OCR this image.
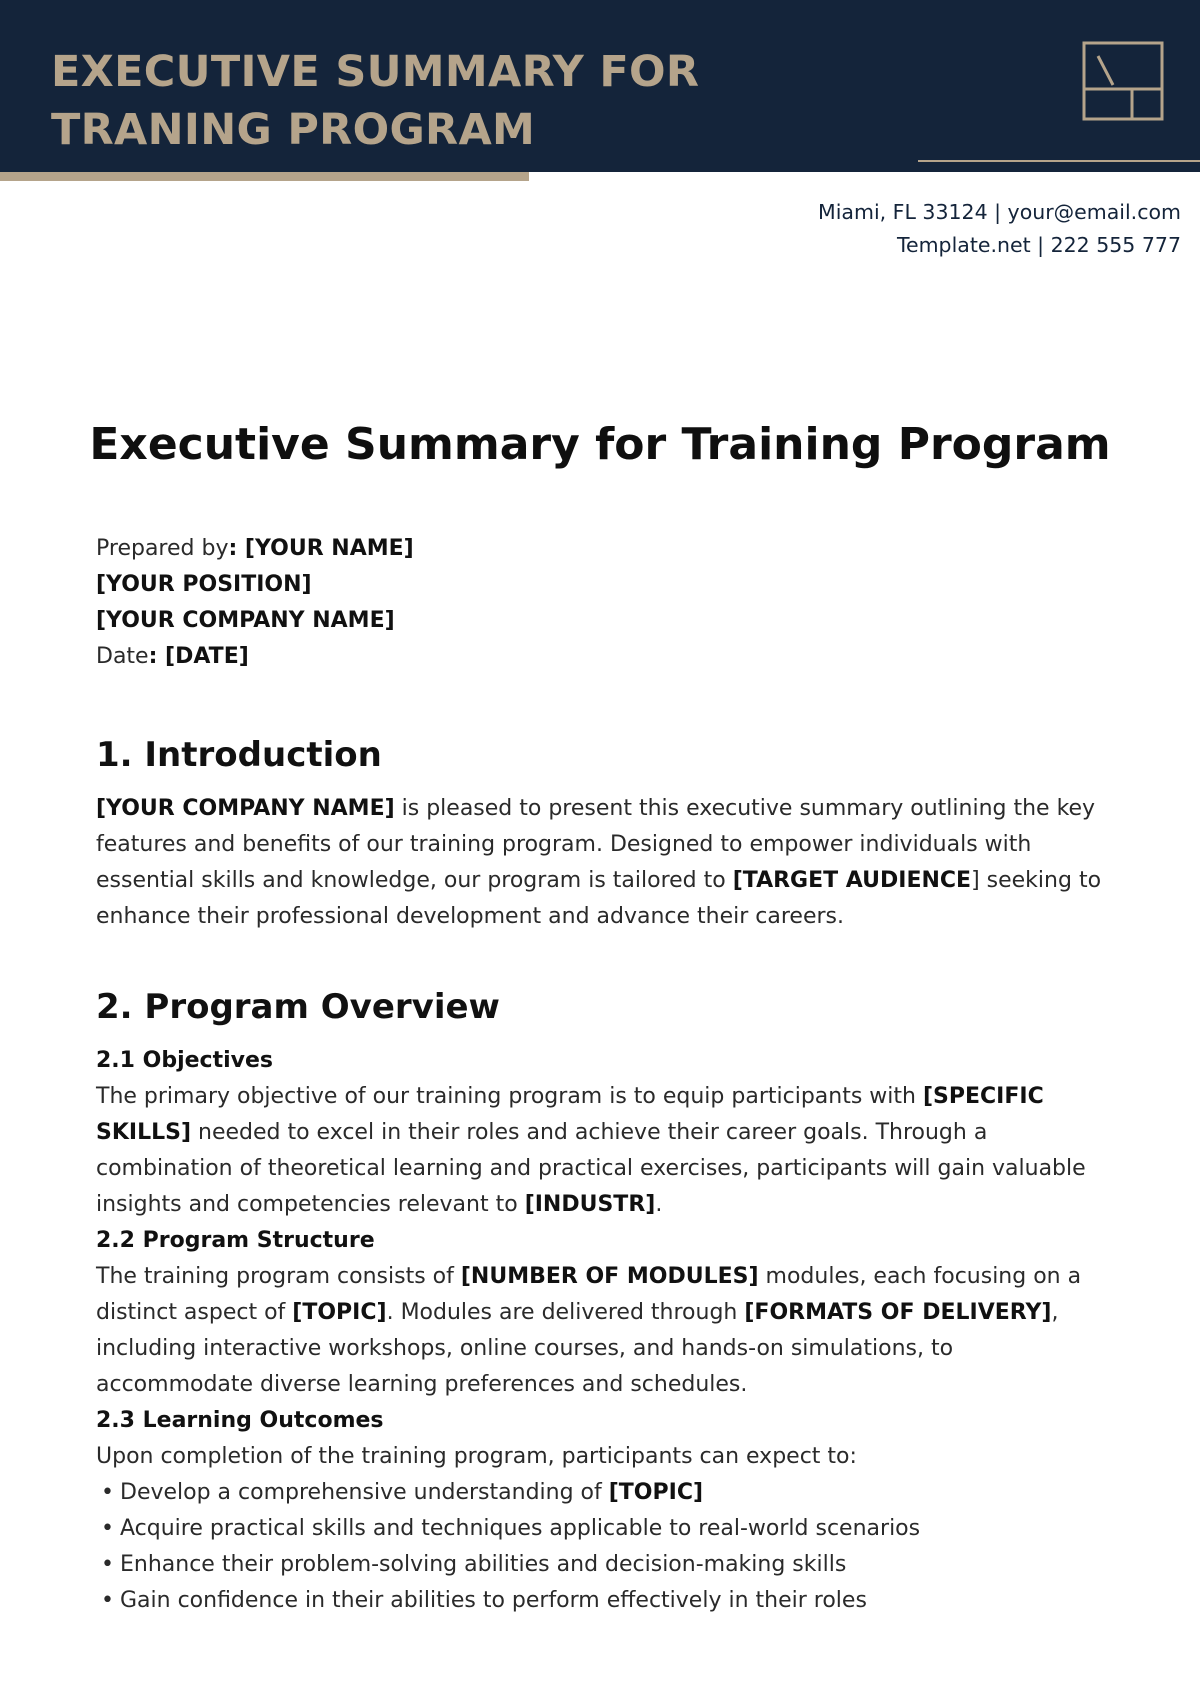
EXECUTIVE SUMMARY FOR
TRANING PROGRAM
Miami, FL 33124 | your@email.com
Template.net | 222 555 777
Executive Summary for Training Program
Prepared by: [YOUR NAME]
[YOUR POSITION]
[YOUR COMPANY NAME]
Date: [DATE]
1. Introduction

[YOUR COMPANY NAME] is pleased to present this executive summary outlining the key features and benefits of our training program. Designed to empower individuals with essential skills and knowledge, our program is tailored to [TARGET AUDIENCE] seeking to enhance their professional development and advance their careers.

2. Program Overview
2.1 Objectives

The primary objective of our training program is to equip participants with [SPECIFIC SKILLS] needed to excel in their roles and achieve their career goals. Through a combination of theoretical learning and practical exercises, participants will gain valuable insights and competencies relevant to [INDUSTR].

2.2 Program Structure

The training program consists of [NUMBER OF MODULES] modules, each focusing on a distinct aspect of [TOPIC]. Modules are delivered through [FORMATS OF DELIVERY], including interactive workshops, online courses, and hands-on simulations, to accommodate diverse learning preferences and schedules.

2.3 Learning Outcomes

Upon completion of the training program, participants can expect to:

• Develop a comprehensive understanding of [TOPIC]
• Acquire practical skills and techniques applicable to real-world scenarios
• Enhance their problem-solving abilities and decision-making skills
• Gain confidence in their abilities to perform effectively in their roles
